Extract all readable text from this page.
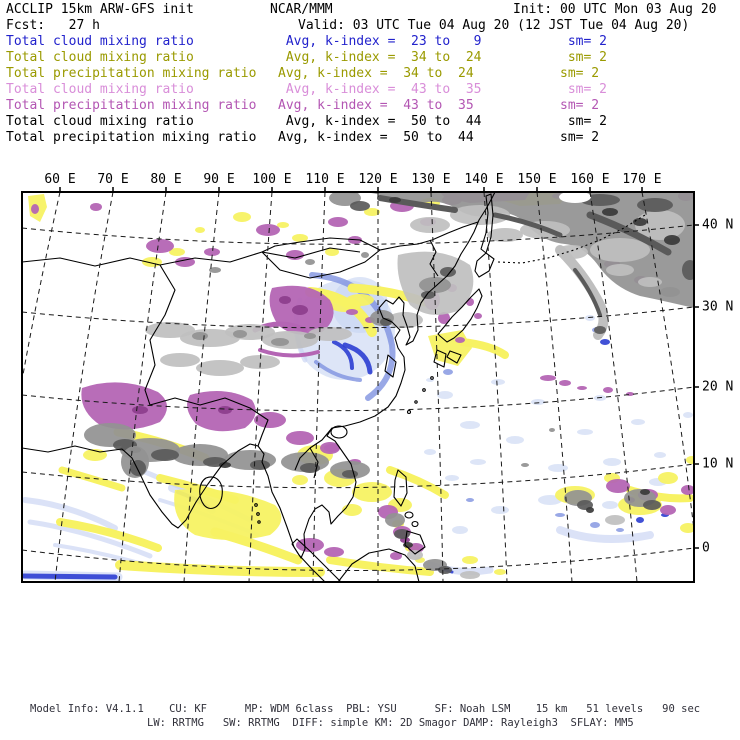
ACCLIP 15km ARW-GFS init	NCAR/MMM	Init: 00 UTC Mon 03 Aug 20
Fcst:   27 h	Valid: 03 UTC Tue 04 Aug 20 (12 JST Tue 04 Aug 20)
Total cloud mixing ratio	Avg, k-index =  23 to   9	sm= 2
Total cloud mixing ratio	Avg, k-index =  34 to  24	sm= 2
Total precipitation mixing ratio Avg, k-index =  34 to  24	sm= 2
Total cloud mixing ratio	Avg, k-index =  43 to  35	sm= 2
Total precipitation mixing ratio Avg, k-index =  43 to  35	sm= 2
Total cloud mixing ratio	Avg, k-index =  50 to  44	sm= 2
Total precipitation mixing ratio Avg, k-index =  50 to  44	sm= 2
60 E 70 E 80 E 90 E 100 E 110 E 120 E 130 E 140 E 150 E 160 E 170 E
40 N
30 N
20 N
10 N
0
Model Info: V4.1.1    CU: KF      MP: WDM 6class  PBL: YSU      SF: Noah LSM    15 km   51 levels   90 sec
LW: RRTMG   SW: RRTMG  DIFF: simple KM: 2D Smagor DAMP: Rayleigh3  SFLAY: MM5
